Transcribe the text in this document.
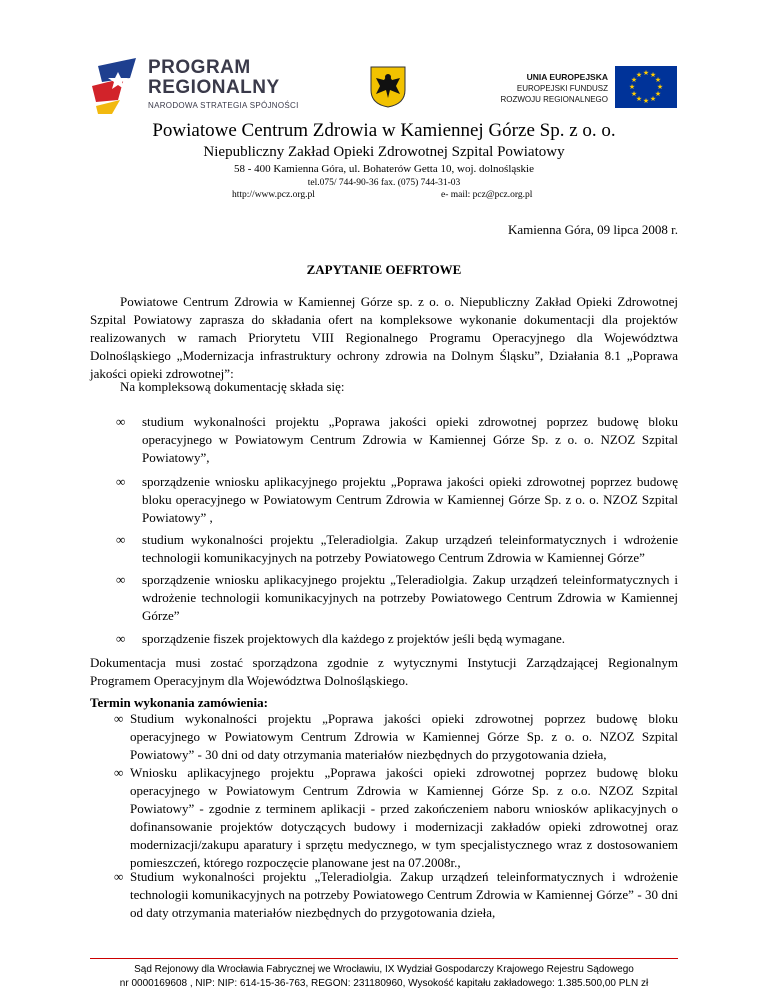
PROGRAM
REGIONALNY
NARODOWA STRATEGIA SPÓJNOŚCI
UNIA EUROPEJSKA
EUROPEJSKI FUNDUSZ
ROZWOJU REGIONALNEGO
★ ★
★
★
★
★
★
★
★
★
★
★
Powiatowe Centrum Zdrowia w Kamiennej Górze Sp. z o. o.
Niepubliczny Zakład Opieki Zdrowotnej Szpital Powiatowy
58 - 400 Kamienna Góra, ul. Bohaterów Getta 10, woj. dolnośląskie
tel.075/ 744-90-36 fax. (075) 744-31-03
http://www.pcz.org.pl	e- mail: pcz@pcz.org.pl
Kamienna Góra, 09 lipca 2008 r.
ZAPYTANIE OEFRTOWE
Powiatowe Centrum Zdrowia w Kamiennej Górze sp. z o. o. Niepubliczny Zakład Opieki Zdrowotnej Szpital Powiatowy zaprasza do składania ofert na kompleksowe wykonanie dokumentacji dla projektów realizowanych w ramach Priorytetu VIII Regionalnego Programu Operacyjnego dla Województwa Dolnośląskiego „Modernizacja infrastruktury ochrony zdrowia na Dolnym Śląsku”, Działania 8.1 „Poprawa jakości opieki zdrowotnej”:
Na kompleksową dokumentację składa się:
∞ studium wykonalności projektu „Poprawa jakości opieki zdrowotnej poprzez budowę bloku operacyjnego w Powiatowym Centrum Zdrowia w Kamiennej Górze Sp. z o. o. NZOZ Szpital Powiatowy”,
∞ sporządzenie wniosku aplikacyjnego projektu „Poprawa jakości opieki zdrowotnej poprzez budowę bloku operacyjnego w Powiatowym Centrum Zdrowia w Kamiennej Górze Sp. z o. o. NZOZ Szpital Powiatowy” ,
∞ studium wykonalności projektu „Teleradiolgia. Zakup urządzeń teleinformatycznych i wdrożenie technologii komunikacyjnych na potrzeby Powiatowego Centrum Zdrowia w Kamiennej Górze”
∞ sporządzenie wniosku aplikacyjnego projektu „Teleradiolgia. Zakup urządzeń teleinformatycznych i wdrożenie technologii komunikacyjnych na potrzeby Powiatowego Centrum Zdrowia w Kamiennej Górze”
∞ sporządzenie fiszek projektowych dla każdego z projektów jeśli będą wymagane.
Dokumentacja musi zostać sporządzona zgodnie z wytycznymi Instytucji Zarządzającej Regionalnym Programem Operacyjnym dla Województwa Dolnośląskiego.
Termin wykonania zamówienia:
∞ Studium wykonalności projektu „Poprawa jakości opieki zdrowotnej poprzez budowę bloku operacyjnego w Powiatowym Centrum Zdrowia w Kamiennej Górze Sp. z o. o. NZOZ Szpital Powiatowy” - 30 dni od daty otrzymania materiałów niezbędnych do przygotowania dzieła,
∞ Wniosku aplikacyjnego projektu „Poprawa jakości opieki zdrowotnej poprzez budowę bloku operacyjnego w Powiatowym Centrum Zdrowia w Kamiennej Górze Sp. z o.o. NZOZ Szpital Powiatowy” - zgodnie z terminem aplikacji - przed zakończeniem naboru wniosków aplikacyjnych o dofinansowanie projektów dotyczących budowy i modernizacji zakładów opieki zdrowotnej oraz modernizacji/zakupu aparatury i sprzętu medycznego, w tym specjalistycznego wraz z dostosowaniem pomieszczeń, którego rozpoczęcie planowane jest na 07.2008r.,
∞ Studium wykonalności projektu „Teleradiolgia. Zakup urządzeń teleinformatycznych i wdrożenie technologii komunikacyjnych na potrzeby Powiatowego Centrum Zdrowia w Kamiennej Górze” - 30 dni od daty otrzymania materiałów niezbędnych do przygotowania dzieła,
Sąd Rejonowy dla Wrocławia Fabrycznej we Wrocławiu, IX Wydział Gospodarczy Krajowego Rejestru Sądowego
nr 0000169608 , NIP: NIP: 614-15-36-763, REGON: 231180960, Wysokość kapitału zakładowego: 1.385.500,00 PLN zł
